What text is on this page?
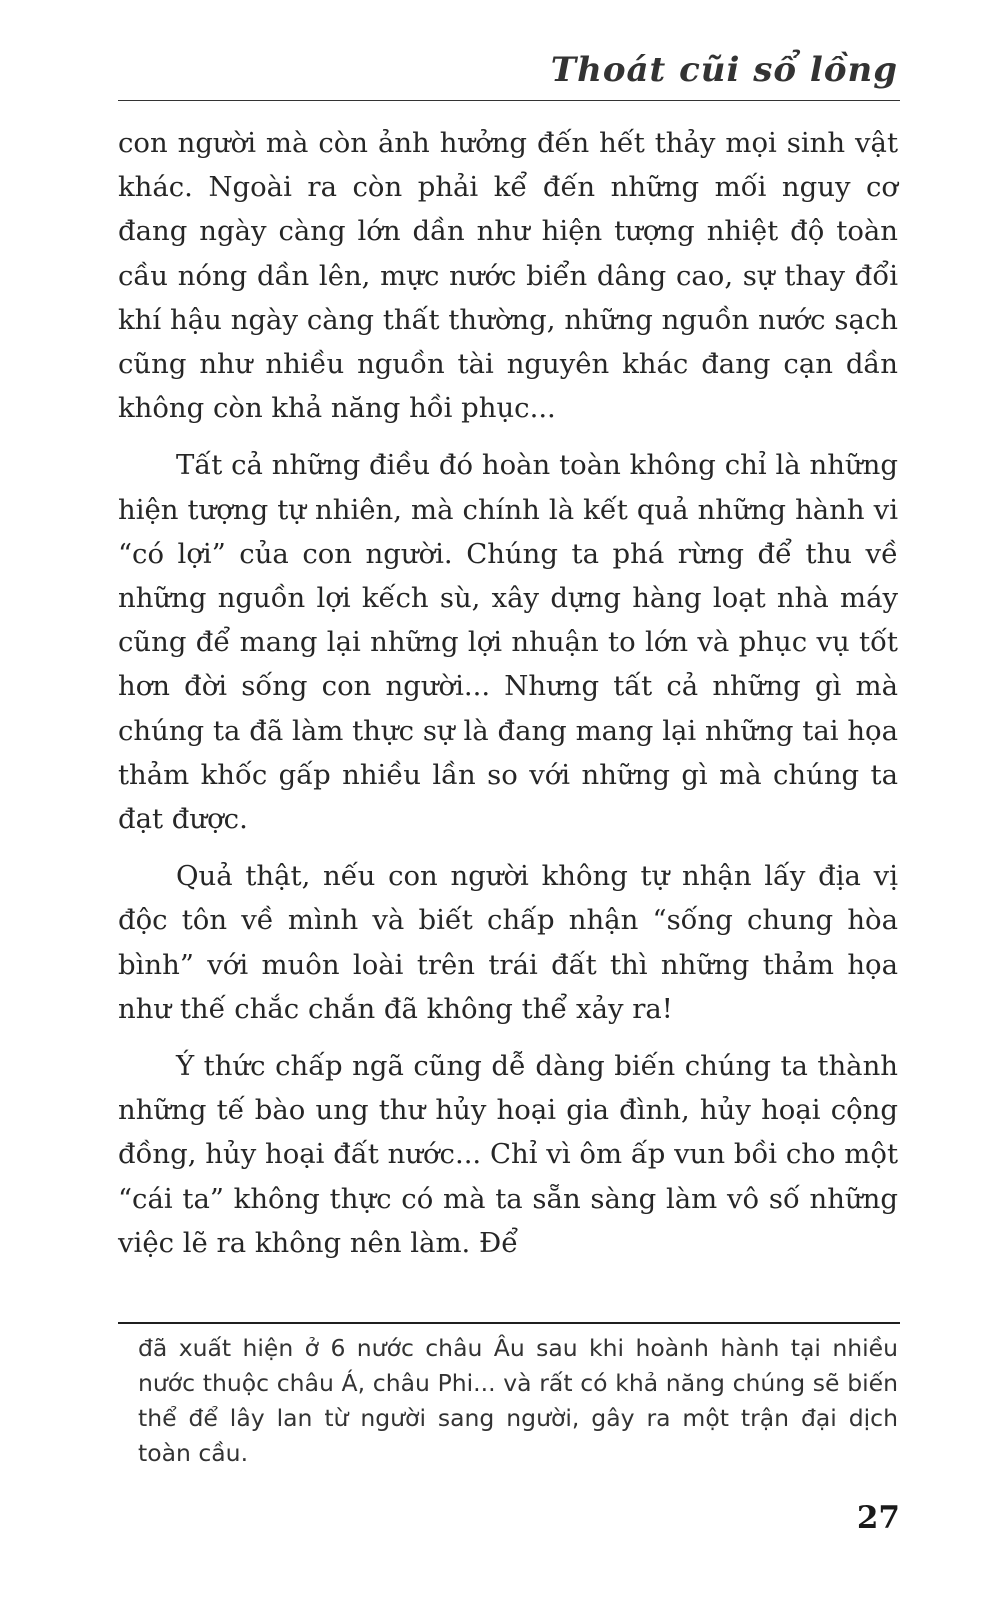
Thoát cũi sổ lồng

con người mà còn ảnh hưởng đến hết thảy mọi sinh vật khác. Ngoài ra còn phải kể đến những mối nguy cơ đang ngày càng lớn dần như hiện tượng nhiệt độ toàn cầu nóng dần lên, mực nước biển dâng cao, sự thay đổi khí hậu ngày càng thất thường, những nguồn nước sạch cũng như nhiều nguồn tài nguyên khác đang cạn dần không còn khả năng hồi phục...

Tất cả những điều đó hoàn toàn không chỉ là những hiện tượng tự nhiên, mà chính là kết quả những hành vi “có lợi” của con người. Chúng ta phá rừng để thu về những nguồn lợi kếch sù, xây dựng hàng loạt nhà máy cũng để mang lại những lợi nhuận to lớn và phục vụ tốt hơn đời sống con người... Nhưng tất cả những gì mà chúng ta đã làm thực sự là đang mang lại những tai họa thảm khốc gấp nhiều lần so với những gì mà chúng ta đạt được.

Quả thật, nếu con người không tự nhận lấy địa vị độc tôn về mình và biết chấp nhận “sống chung hòa bình” với muôn loài trên trái đất thì những thảm họa như thế chắc chắn đã không thể xảy ra!

Ý thức chấp ngã cũng dễ dàng biến chúng ta thành những tế bào ung thư hủy hoại gia đình, hủy hoại cộng đồng, hủy hoại đất nước... Chỉ vì ôm ấp vun bồi cho một “cái ta” không thực có mà ta sẵn sàng làm vô số những việc lẽ ra không nên làm. Để

đã xuất hiện ở 6 nước châu Âu sau khi hoành hành tại nhiều nước thuộc châu Á, châu Phi... và rất có khả năng chúng sẽ biến thể để lây lan từ người sang người, gây ra một trận đại dịch toàn cầu.

27
